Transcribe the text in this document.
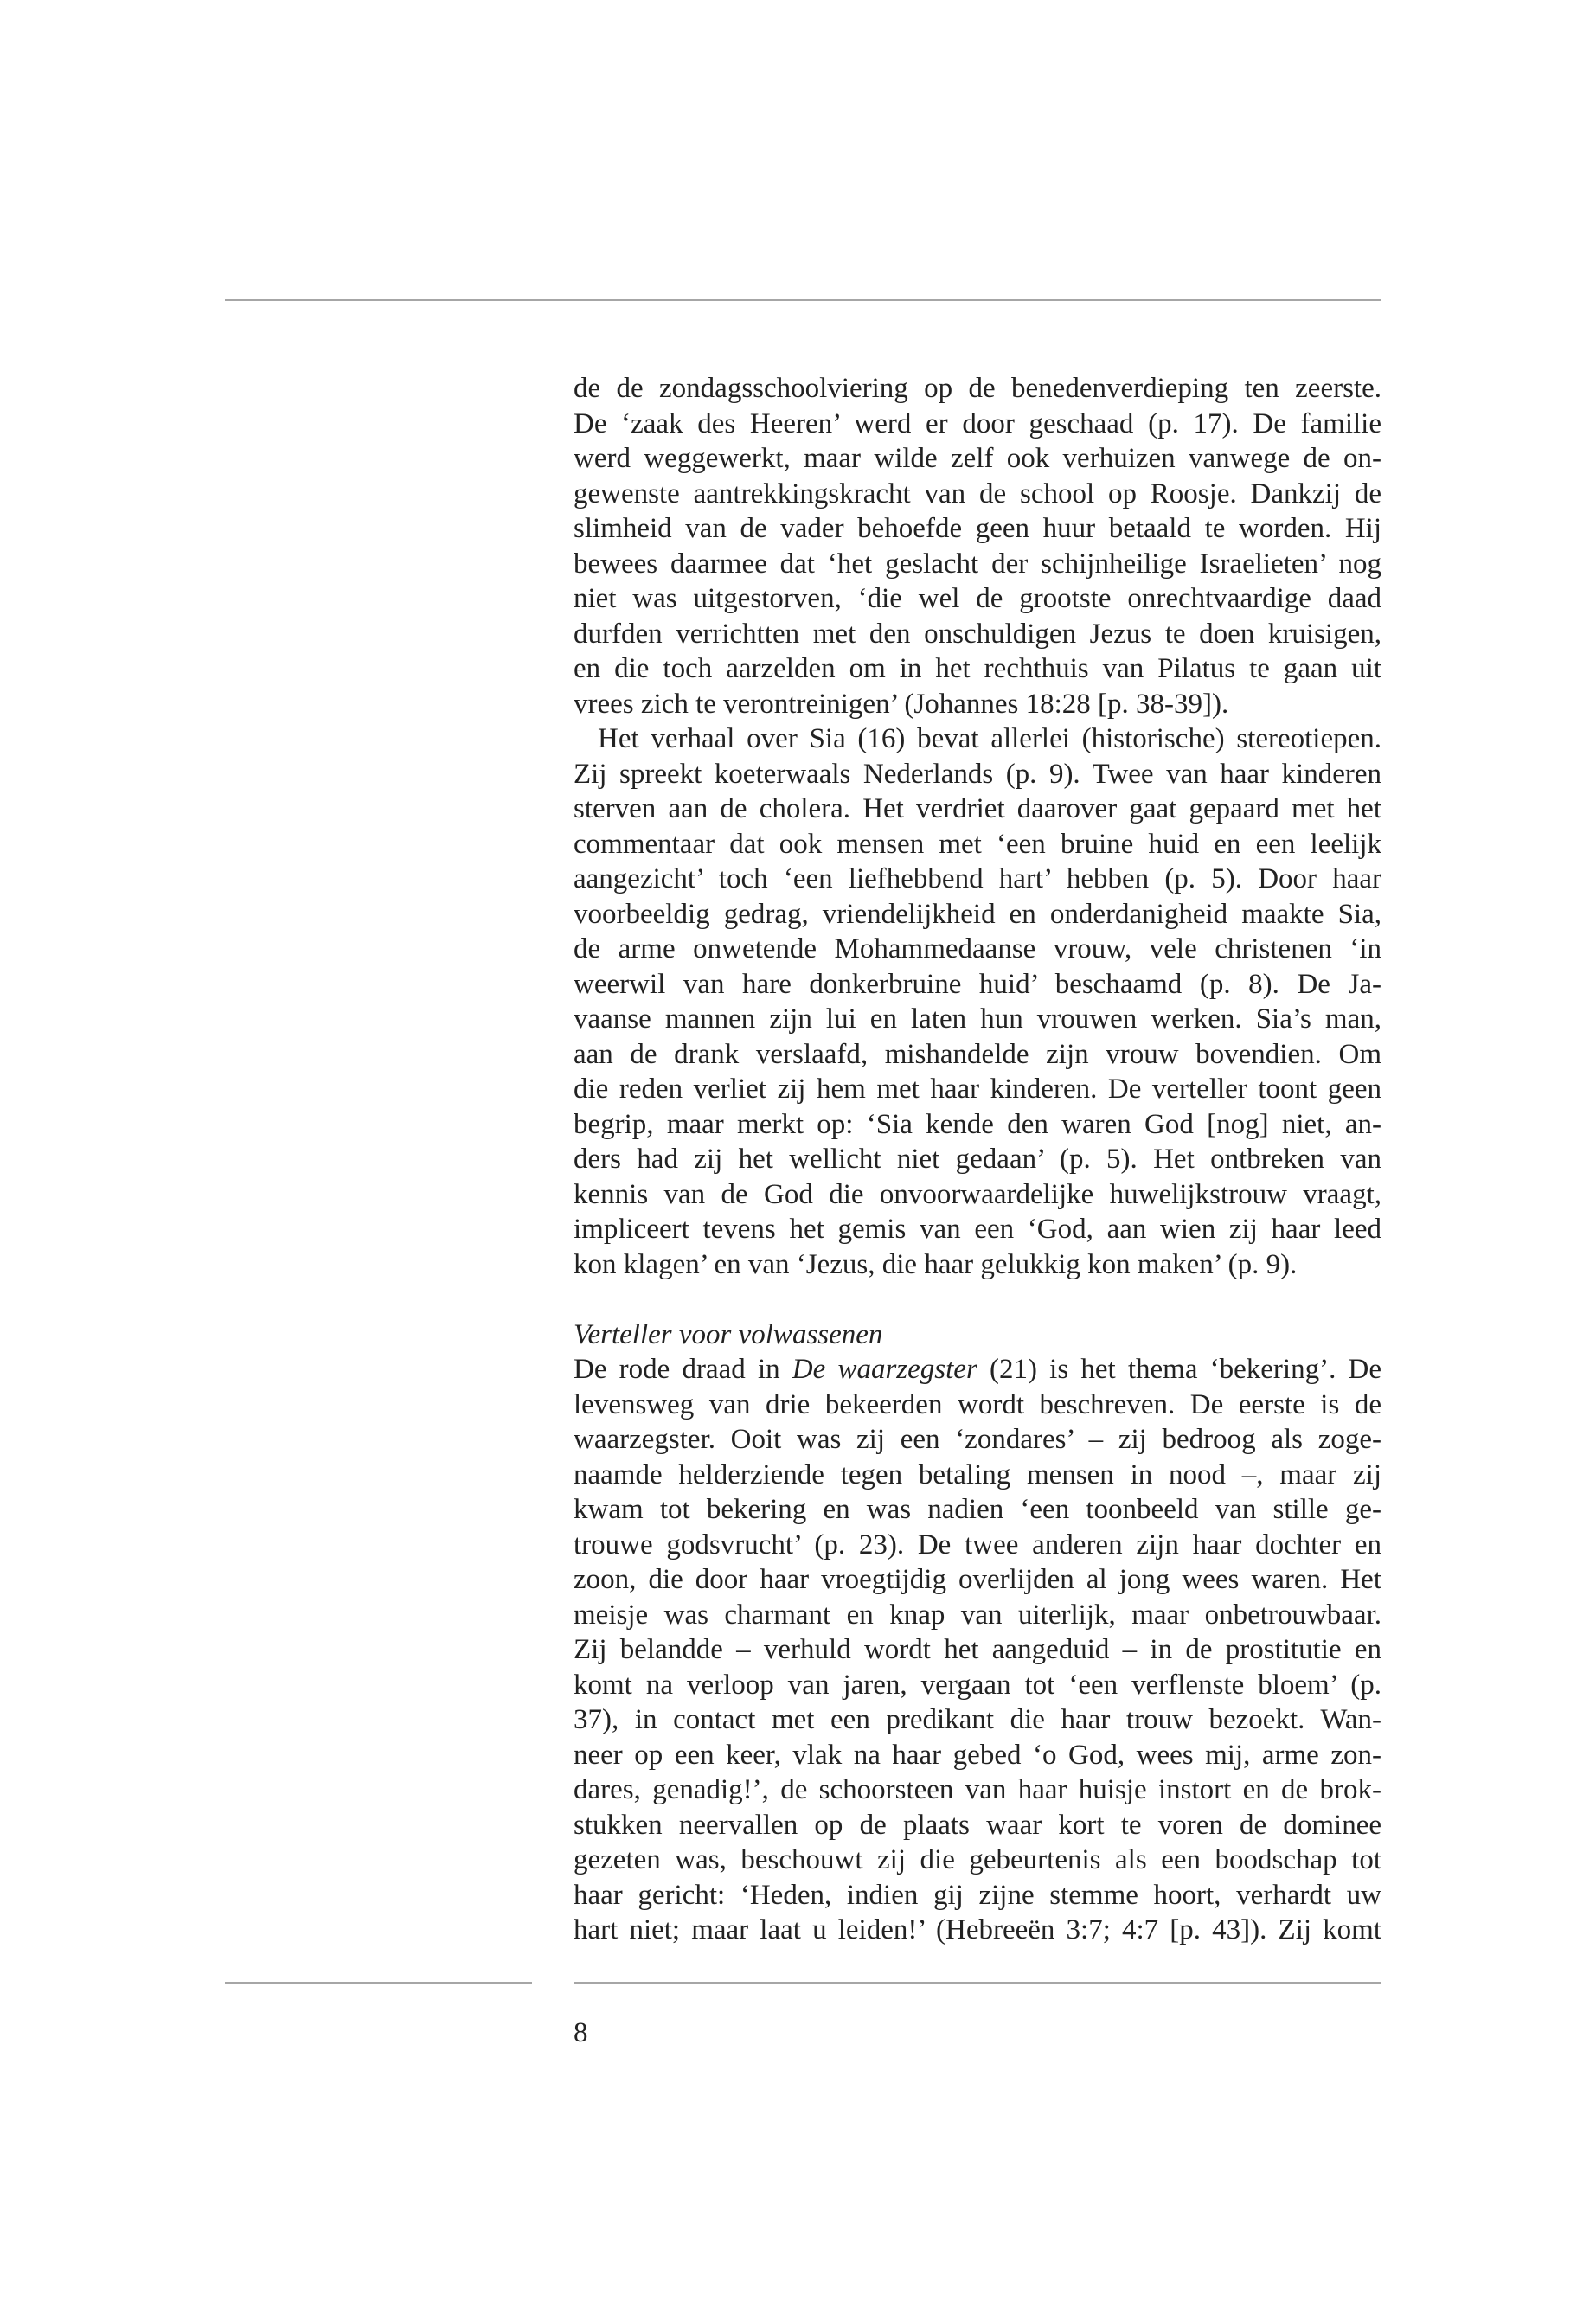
de de zondagsschoolviering op de benedenverdieping ten zeerste.
De ‘zaak des Heeren’ werd er door geschaad (p. 17). De familie
werd weggewerkt, maar wilde zelf ook verhuizen vanwege de on-
gewenste aantrekkingskracht van de school op Roosje. Dankzij de
slimheid van de vader behoefde geen huur betaald te worden. Hij
bewees daarmee dat ‘het geslacht der schijnheilige Israelieten’ nog
niet was uitgestorven, ‘die wel de grootste onrechtvaardige daad
durfden verrichtten met den onschuldigen Jezus te doen kruisigen,
en die toch aarzelden om in het rechthuis van Pilatus te gaan uit
vrees zich te verontreinigen’ (Johannes 18:28 [p. 38-39]).
Het verhaal over Sia (16) bevat allerlei (historische) stereotiepen.
Zij spreekt koeterwaals Nederlands (p. 9). Twee van haar kinderen
sterven aan de cholera. Het verdriet daarover gaat gepaard met het
commentaar dat ook mensen met ‘een bruine huid en een leelijk
aangezicht’ toch ‘een liefhebbend hart’ hebben (p. 5). Door haar
voorbeeldig gedrag, vriendelijkheid en onderdanigheid maakte Sia,
de arme onwetende Mohammedaanse vrouw, vele christenen ‘in
weerwil van hare donkerbruine huid’ beschaamd (p. 8). De Ja-
vaanse mannen zijn lui en laten hun vrouwen werken. Sia’s man,
aan de drank verslaafd, mishandelde zijn vrouw bovendien. Om
die reden verliet zij hem met haar kinderen. De verteller toont geen
begrip, maar merkt op: ‘Sia kende den waren God [nog] niet, an-
ders had zij het wellicht niet gedaan’ (p. 5). Het ontbreken van
kennis van de God die onvoorwaardelijke huwelijkstrouw vraagt,
impliceert tevens het gemis van een ‘God, aan wien zij haar leed
kon klagen’ en van ‘Jezus, die haar gelukkig kon maken’ (p. 9).
Verteller voor volwassenen
De rode draad in De waarzegster (21) is het thema ‘bekering’. De
levensweg van drie bekeerden wordt beschreven. De eerste is de
waarzegster. Ooit was zij een ‘zondares’ – zij bedroog als zoge-
naamde helderziende tegen betaling mensen in nood –, maar zij
kwam tot bekering en was nadien ‘een toonbeeld van stille ge-
trouwe godsvrucht’ (p. 23). De twee anderen zijn haar dochter en
zoon, die door haar vroegtijdig overlijden al jong wees waren. Het
meisje was charmant en knap van uiterlijk, maar onbetrouwbaar.
Zij belandde – verhuld wordt het aangeduid – in de prostitutie en
komt na verloop van jaren, vergaan tot ‘een verflenste bloem’ (p.
37), in contact met een predikant die haar trouw bezoekt. Wan-
neer op een keer, vlak na haar gebed ‘o God, wees mij, arme zon-
dares, genadig!’, de schoorsteen van haar huisje instort en de brok-
stukken neervallen op de plaats waar kort te voren de dominee
gezeten was, beschouwt zij die gebeurtenis als een boodschap tot
haar gericht: ‘Heden, indien gij zijne stemme hoort, verhardt uw
hart niet; maar laat u leiden!’ (Hebreeën 3:7; 4:7 [p. 43]). Zij komt
8
